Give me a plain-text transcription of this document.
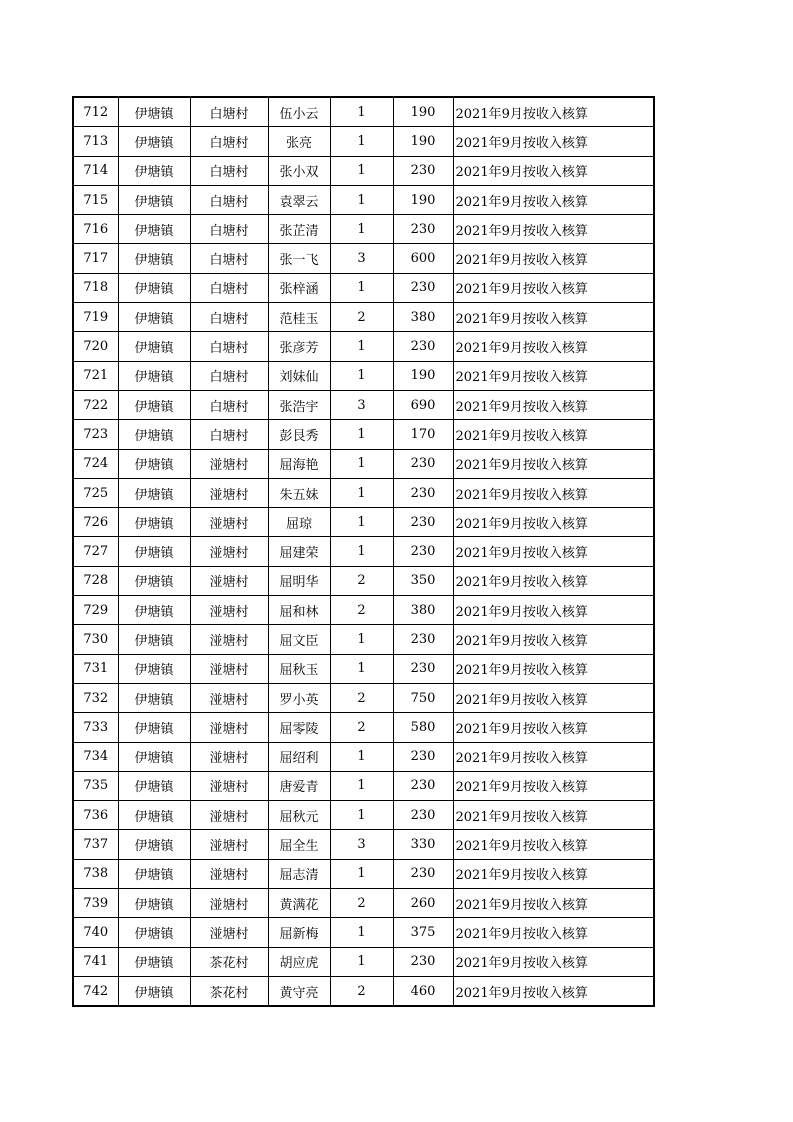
712	伊塘镇	白塘村	伍小云	1	190	2021年9月按收入核算
713	伊塘镇	白塘村	张亮	1	190	2021年9月按收入核算
714	伊塘镇	白塘村	张小双	1	230	2021年9月按收入核算
715	伊塘镇	白塘村	袁翠云	1	190	2021年9月按收入核算
716	伊塘镇	白塘村	张芷清	1	230	2021年9月按收入核算
717	伊塘镇	白塘村	张一飞	3	600	2021年9月按收入核算
718	伊塘镇	白塘村	张梓涵	1	230	2021年9月按收入核算
719	伊塘镇	白塘村	范桂玉	2	380	2021年9月按收入核算
720	伊塘镇	白塘村	张彦芳	1	230	2021年9月按收入核算
721	伊塘镇	白塘村	刘妹仙	1	190	2021年9月按收入核算
722	伊塘镇	白塘村	张浩宇	3	690	2021年9月按收入核算
723	伊塘镇	白塘村	彭艮秀	1	170	2021年9月按收入核算
724	伊塘镇	湴塘村	屈海艳	1	230	2021年9月按收入核算
725	伊塘镇	湴塘村	朱五妹	1	230	2021年9月按收入核算
726	伊塘镇	湴塘村	屈琼	1	230	2021年9月按收入核算
727	伊塘镇	湴塘村	屈建荣	1	230	2021年9月按收入核算
728	伊塘镇	湴塘村	屈明华	2	350	2021年9月按收入核算
729	伊塘镇	湴塘村	屈和林	2	380	2021年9月按收入核算
730	伊塘镇	湴塘村	屈文臣	1	230	2021年9月按收入核算
731	伊塘镇	湴塘村	屈秋玉	1	230	2021年9月按收入核算
732	伊塘镇	湴塘村	罗小英	2	750	2021年9月按收入核算
733	伊塘镇	湴塘村	屈零陵	2	580	2021年9月按收入核算
734	伊塘镇	湴塘村	屈绍利	1	230	2021年9月按收入核算
735	伊塘镇	湴塘村	唐爱青	1	230	2021年9月按收入核算
736	伊塘镇	湴塘村	屈秋元	1	230	2021年9月按收入核算
737	伊塘镇	湴塘村	屈全生	3	330	2021年9月按收入核算
738	伊塘镇	湴塘村	屈志清	1	230	2021年9月按收入核算
739	伊塘镇	湴塘村	黄满花	2	260	2021年9月按收入核算
740	伊塘镇	湴塘村	屈新梅	1	375	2021年9月按收入核算
741	伊塘镇	茶花村	胡应虎	1	230	2021年9月按收入核算
742	伊塘镇	茶花村	黄守亮	2	460	2021年9月按收入核算
